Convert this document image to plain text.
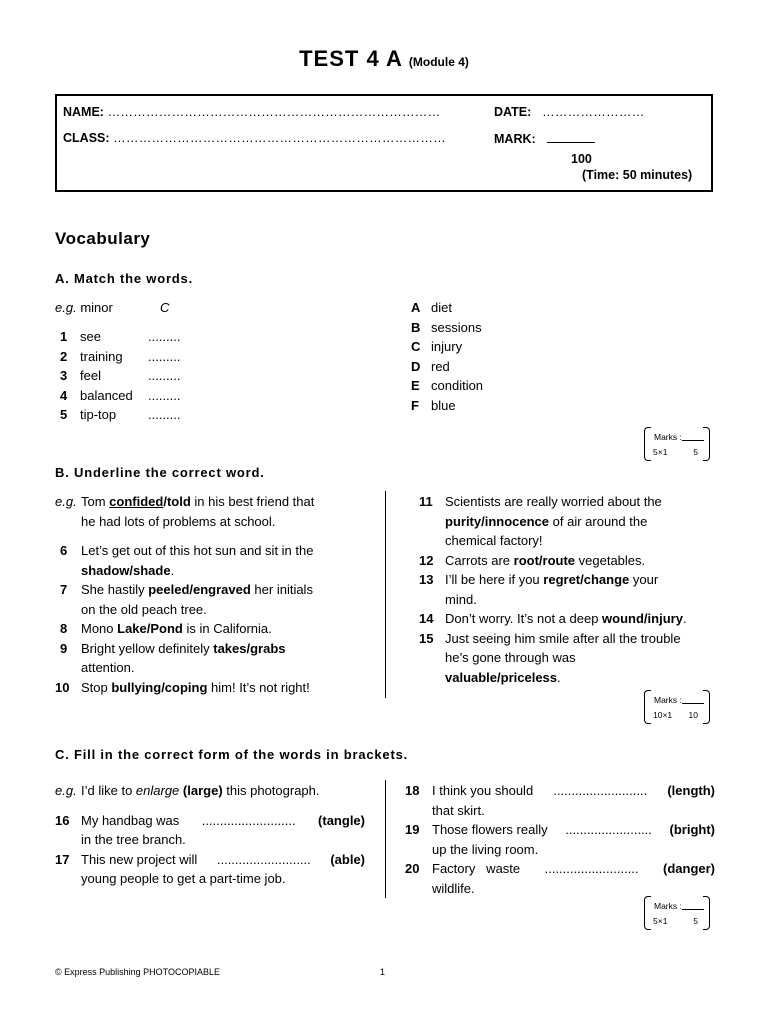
TEST 4 A (Module 4)
NAME: ……………………………………………………………………	DATE: ……………………
CLASS: ……………………………………………………………………	MARK:
100
(Time: 50 minutes)
Vocabulary
A. Match the words.
e.g. minor	C
1 see	.........
2 training .........
3 feel	.........
4 balanced .........
5 tip-top .........
A diet
B sessions
C injury
D red
E condition
F blue
Marks :
5×1	5
B. Underline the correct word.
e.g. Tom confided/told in his best friend that
he had lots of problems at school.
6 Let’s get out of this hot sun and sit in the
shadow/shade.
7 She hastily peeled/engraved her initials
on the old peach tree.
8 Mono Lake/Pond is in California.
9 Bright yellow definitely takes/grabs
attention.
10 Stop bullying/coping him! It’s not right!
11 Scientists are really worried about the
purity/innocence of air around the
chemical factory!
12 Carrots are root/route vegetables.
13 I’ll be here if you regret/change your
mind.
14 Don’t worry. It’s not a deep wound/injury.
15 Just seeing him smile after all the trouble
he’s gone through was
valuable/priceless.
Marks :
10×1 10
C. Fill in the correct form of the words in brackets.
e.g. I’d like to enlarge (large) this photograph.
16 My handbag was	..........................	(tangle)
in the tree branch.
17 This new project will	..........................	(able)
young people to get a part-time job.
18 I think you should	..........................	(length)
that skirt.
19 Those flowers really	........................	(bright)
up the living room.
20 Factory   waste	..........................	(danger)
wildlife.
Marks :
5×1	5
© Express Publishing PHOTOCOPIABLE	1
